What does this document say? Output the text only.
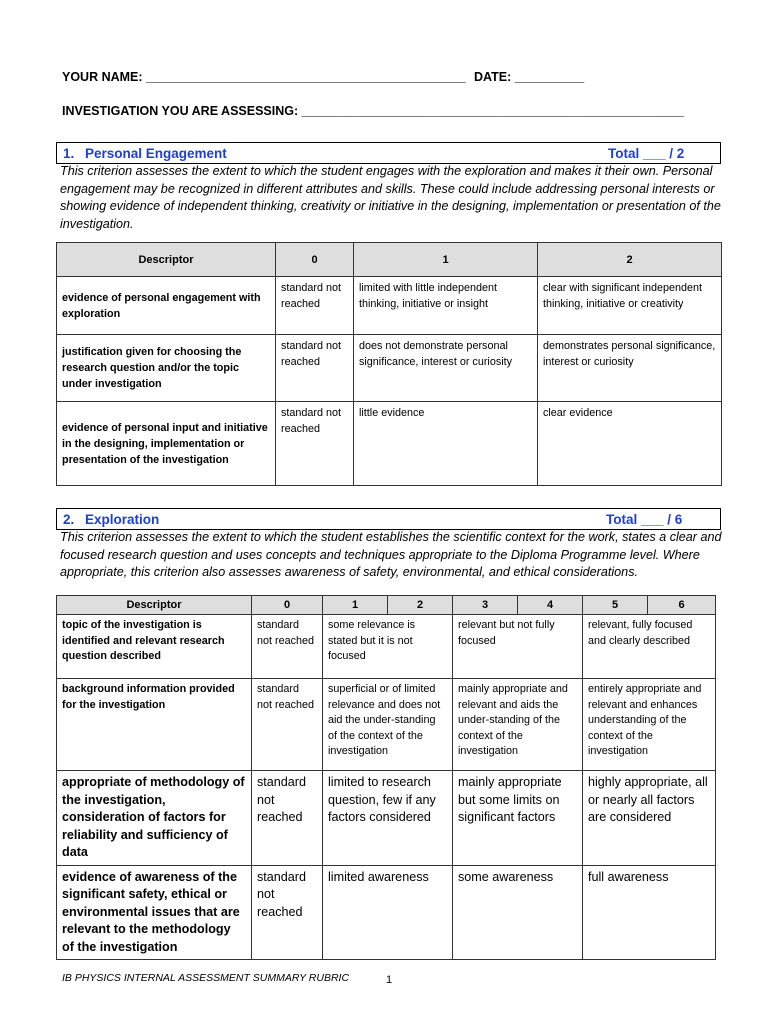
YOUR NAME: ______________________________________________ DATE: __________
INVESTIGATION YOU ARE ASSESSING: _______________________________________________________
1. Personal Engagement	Total ___ / 2

This criterion assesses the extent to which the student engages with the exploration and makes it their own. Personal engagement may be recognized in different attributes and skills. These could include addressing personal interests or showing evidence of independent thinking, creativity or initiative in the designing, implementation or presentation of the investigation.

Descriptor	0	1	2
evidence of personal engagement with exploration	standard not reached	limited with little independent thinking, initiative or insight	clear with significant independent thinking, initiative or creativity
justification given for choosing the research question and/or the topic under investigation	standard not reached	does not demonstrate personal significance, interest or curiosity	demonstrates personal significance, interest or curiosity
evidence of personal input and initiative in the designing, implementation or presentation of the investigation	standard not reached	little evidence	clear evidence
2. Exploration	Total ___ / 6

This criterion assesses the extent to which the student establishes the scientific context for the work, states a clear and focused research question and uses concepts and techniques appropriate to the Diploma Programme level. Where appropriate, this criterion also assesses awareness of safety, environmental, and ethical considerations.

Descriptor	0	1	2	3	4	5	6
topic of the investigation is identified and relevant research question described	standard not reached	some relevance is stated but it is not focused		relevant but not fully focused		relevant, fully focused and clearly described	
background information provided for the investigation	standard not reached	superficial or of limited relevance and does not aid the under-standing of the context of the investigation		mainly appropriate and relevant and aids the under-standing of the context of the investigation		entirely appropriate and relevant and enhances understanding of the context of the investigation	
appropriate of methodology of the investigation, consideration of factors for reliability and sufficiency of data	standard not reached	limited to research question, few if any factors considered		mainly appropriate but some limits on significant factors		highly appropriate, all or nearly all factors are considered	
evidence of awareness of the significant safety, ethical or environmental issues that are relevant to the methodology of the investigation	standard not reached	limited awareness		some awareness		full awareness	
IB PHYSICS INTERNAL ASSESSMENT SUMMARY RUBRIC	1
